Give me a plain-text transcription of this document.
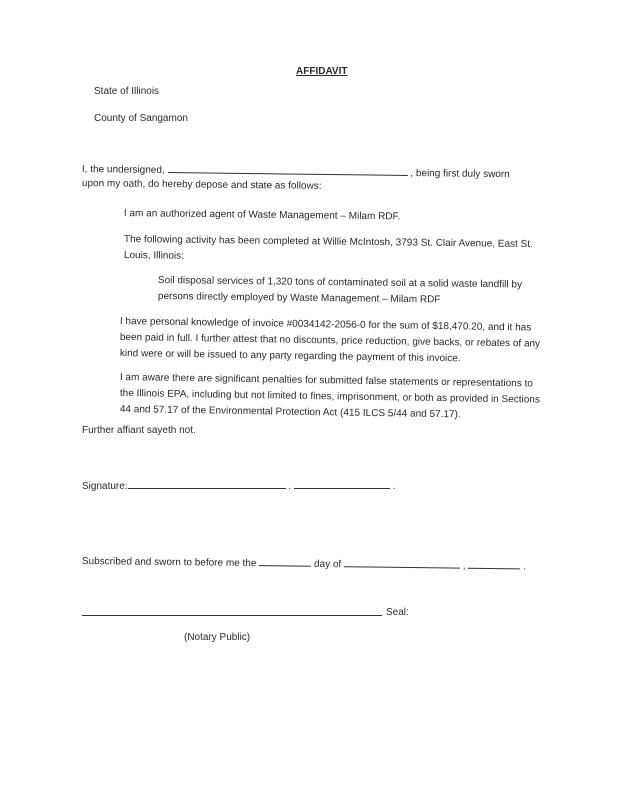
AFFIDAVIT
State of Illinois
County of Sangamon
I, the undersigned,	, being first duly sworn
upon my oath, do hereby depose and state as follows:
I am an authorized agent of Waste Management – Milam RDF.
The following activity has been completed at Willie McIntosh, 3793 St. Clair Avenue, East St.
Louis, Illinois:
Soil disposal services of 1,320 tons of contaminated soil at a solid waste landfill by
persons directly employed by Waste Management – Milam RDF
I have personal knowledge of invoice #0034142-2056-0 for the sum of $18,470.20, and it has
been paid in full. I further attest that no discounts, price reduction, give backs, or rebates of any
kind were or will be issued to any party regarding the payment of this invoice.
I am aware there are significant penalties for submitted false statements or representations to
the Illinois EPA, including but not limited to fines, imprisonment, or both as provided in Sections
44 and 57.17 of the Environmental Protection Act (415 ILCS 5/44 and 57.17).
Further affiant sayeth not.
Signature:	.	.
Subscribed and sworn to before me the	day of	,	.
Seal:
(Notary Public)
